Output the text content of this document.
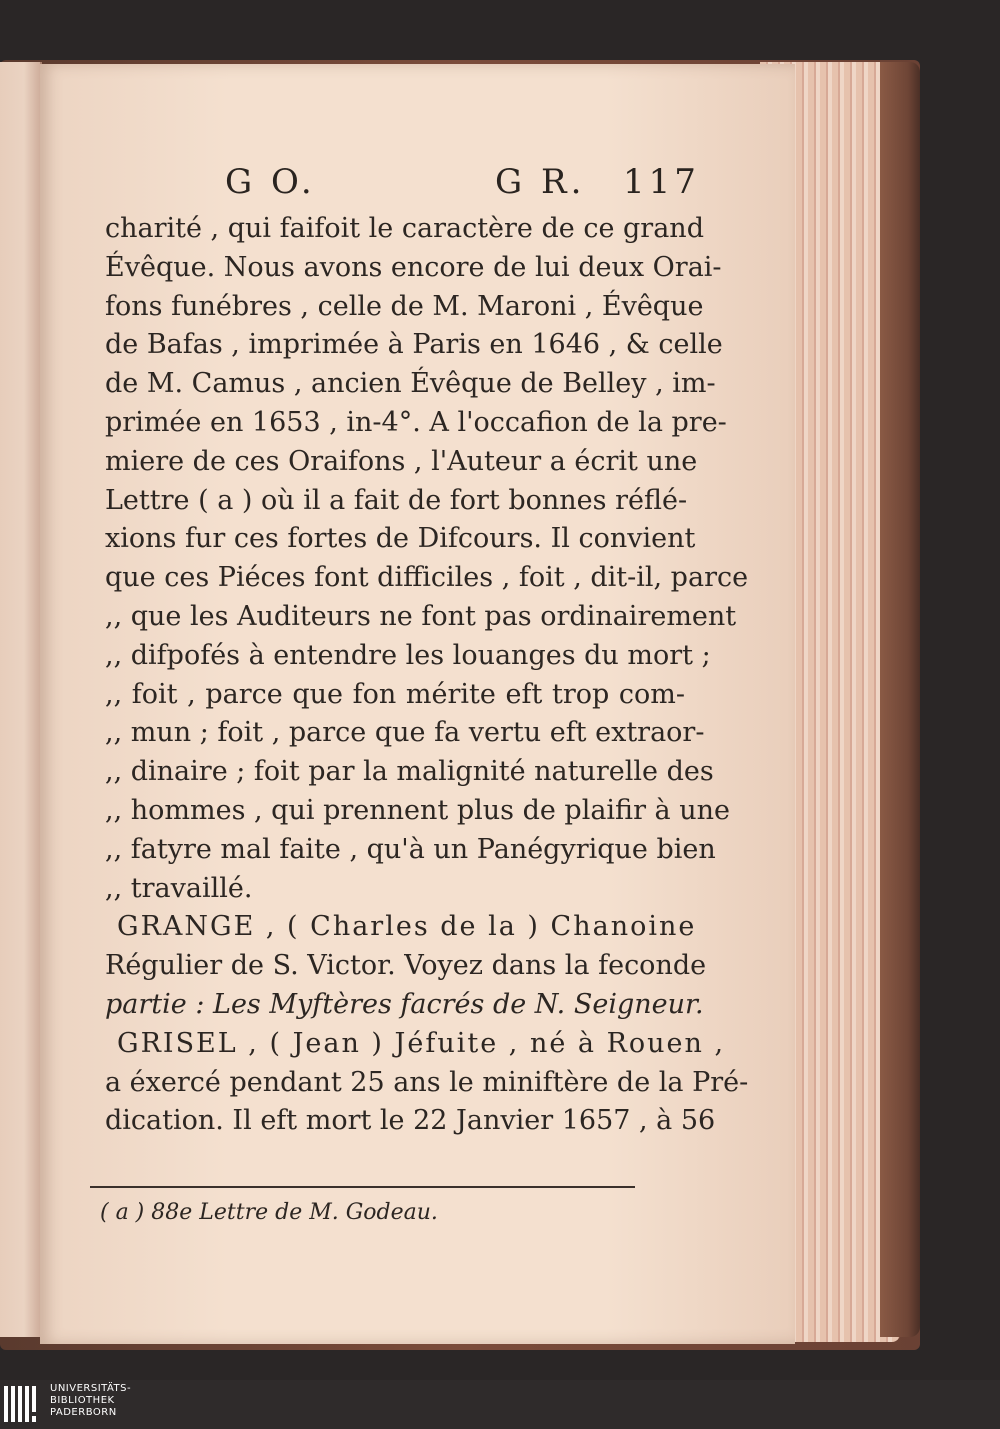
G O.	G R. 117
charité , qui faifoit le caractère de ce grand
Évêque. Nous avons encore de lui deux Orai-
fons funébres , celle de M. Maroni , Évêque
de Bafas , imprimée à Paris en 1646 , & celle
de M. Camus , ancien Évêque de Belley , im-
primée en 1653 , in-4°. A l'occafion de la pre-
miere de ces Oraifons , l'Auteur a écrit une
Lettre ( a ) où il a fait de fort bonnes réflé-
xions fur ces fortes de Difcours. Il convient
que ces Piéces font difficiles , foit , dit-il, parce
,, que les Auditeurs ne font pas ordinairement
,, difpofés à entendre les louanges du mort ;
,, foit , parce que fon mérite eft trop com-
,, mun ; foit , parce que fa vertu eft extraor-
,, dinaire ; foit par la malignité naturelle des
,, hommes , qui prennent plus de plaifir à une
,, fatyre mal faite , qu'à un Panégyrique bien
,, travaillé.
GRANGE , ( Charles de la ) Chanoine
Régulier de S. Victor. Voyez dans la feconde
partie : Les Myftères facrés de N. Seigneur.
GRISEL , ( Jean ) Jéfuite , né à Rouen ,
a éxercé pendant 25 ans le miniftère de la Pré-
dication. Il eft mort le 22 Janvier 1657 , à 56
( a ) 88e Lettre de M. Godeau.
UNIVERSITÄTS-
BIBLIOTHEK
PADERBORN
